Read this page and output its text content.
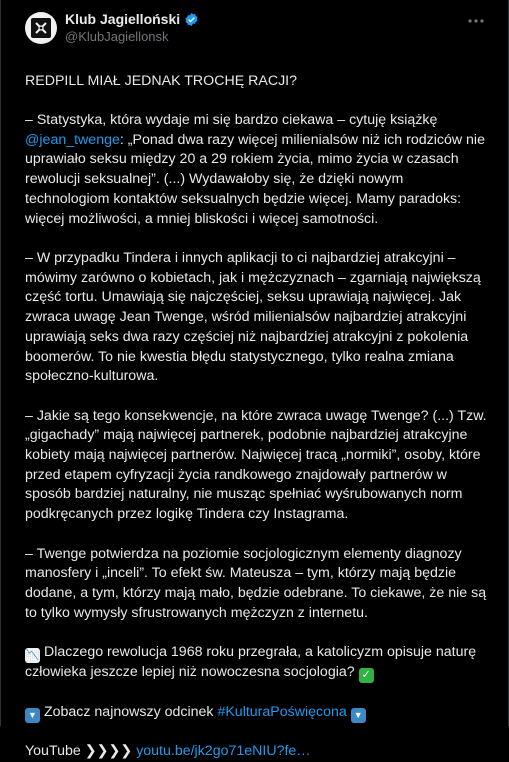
Klub Jagielloński
@KlubJagiellonsk

REDPILL MIAŁ JEDNAK TROCHĘ RACJI?

– Statystyka, która wydaje mi się bardzo ciekawa – cytuję książkę @jean_twenge: „Ponad dwa razy więcej milienialsów niż ich rodziców nie uprawiało seksu między 20 a 29 rokiem życia, mimo życia w czasach rewolucji seksualnej”. (...) Wydawałoby się, że dzięki nowym technologiom kontaktów seksualnych będzie więcej. Mamy paradoks: więcej możliwości, a mniej bliskości i więcej samotności.

– W przypadku Tindera i innych aplikacji to ci najbardziej atrakcyjni – mówimy zarówno o kobietach, jak i mężczyznach – zgarniają największą część tortu. Umawiają się najczęściej, seksu uprawiają najwięcej. Jak zwraca uwagę Jean Twenge, wśród milienialsów najbardziej atrakcyjni uprawiają seks dwa razy częściej niż najbardziej atrakcyjni z pokolenia boomerów. To nie kwestia błędu statystycznego, tylko realna zmiana społeczno-kulturowa.

– Jakie są tego konsekwencje, na które zwraca uwagę Twenge? (...) Tzw. „gigachady” mają najwięcej partnerek, podobnie najbardziej atrakcyjne kobiety mają najwięcej partnerów. Najwięcej tracą „normiki”, osoby, które przed etapem cyfryzacji życia randkowego znajdowały partnerów w sposób bardziej naturalny, nie musząc spełniać wyśrubowanych norm podkręcanych przez logikę Tindera czy Instagrama.

– Twenge potwierdza na poziomie socjologicznym elementy diagnozy manosfery i „inceli”. To efekt św. Mateusza – tym, którzy mają będzie dodane, a tym, którzy mają mało, będzie odebrane. To ciekawe, że nie są to tylko wymysły sfrustrowanych mężczyzn z internetu.

📉 Dlaczego rewolucja 1968 roku przegrała, a katolicyzm opisuje naturę człowieka jeszcze lepiej niż nowoczesna socjologia? ✓

▼ Zobacz najnowszy odcinek #KulturaPoświęcona ▼

YouTube ❯❯❯❯ youtu.be/jk2go71eNIU?fe…
